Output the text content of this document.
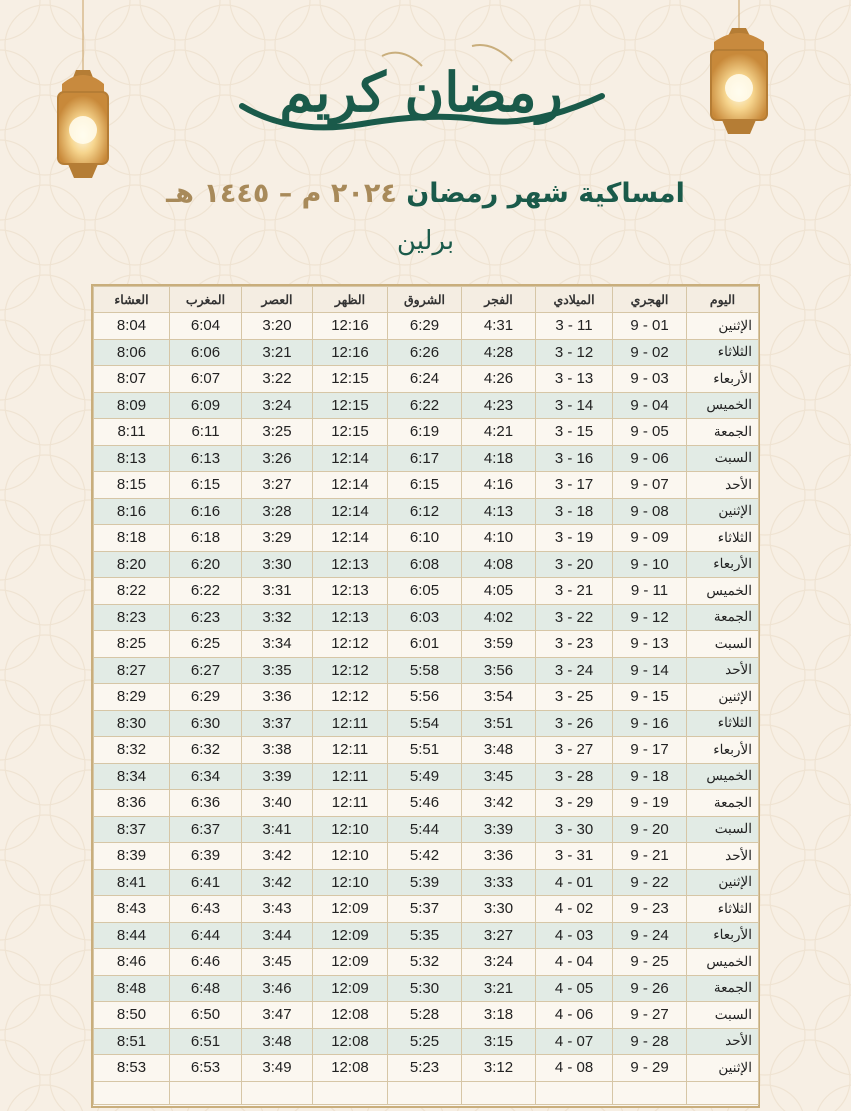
رمضان كريم
امساكية شهر رمضان ٢٠٢٤ م – ١٤٤٥ هـ
برلين
اليوم	الهجري	الميلادي	الفجر	الشروق	الظهر	العصر	المغرب	العشاء
الإثنين	01 - 9	11 - 3	4:31	6:29	12:16	3:20	6:04	8:04
الثلاثاء	02 - 9	12 - 3	4:28	6:26	12:16	3:21	6:06	8:06
الأربعاء	03 - 9	13 - 3	4:26	6:24	12:15	3:22	6:07	8:07
الخميس	04 - 9	14 - 3	4:23	6:22	12:15	3:24	6:09	8:09
الجمعة	05 - 9	15 - 3	4:21	6:19	12:15	3:25	6:11	8:11
السبت	06 - 9	16 - 3	4:18	6:17	12:14	3:26	6:13	8:13
الأحد	07 - 9	17 - 3	4:16	6:15	12:14	3:27	6:15	8:15
الإثنين	08 - 9	18 - 3	4:13	6:12	12:14	3:28	6:16	8:16
الثلاثاء	09 - 9	19 - 3	4:10	6:10	12:14	3:29	6:18	8:18
الأربعاء	10 - 9	20 - 3	4:08	6:08	12:13	3:30	6:20	8:20
الخميس	11 - 9	21 - 3	4:05	6:05	12:13	3:31	6:22	8:22
الجمعة	12 - 9	22 - 3	4:02	6:03	12:13	3:32	6:23	8:23
السبت	13 - 9	23 - 3	3:59	6:01	12:12	3:34	6:25	8:25
الأحد	14 - 9	24 - 3	3:56	5:58	12:12	3:35	6:27	8:27
الإثنين	15 - 9	25 - 3	3:54	5:56	12:12	3:36	6:29	8:29
الثلاثاء	16 - 9	26 - 3	3:51	5:54	12:11	3:37	6:30	8:30
الأربعاء	17 - 9	27 - 3	3:48	5:51	12:11	3:38	6:32	8:32
الخميس	18 - 9	28 - 3	3:45	5:49	12:11	3:39	6:34	8:34
الجمعة	19 - 9	29 - 3	3:42	5:46	12:11	3:40	6:36	8:36
السبت	20 - 9	30 - 3	3:39	5:44	12:10	3:41	6:37	8:37
الأحد	21 - 9	31 - 3	3:36	5:42	12:10	3:42	6:39	8:39
الإثنين	22 - 9	01 - 4	3:33	5:39	12:10	3:42	6:41	8:41
الثلاثاء	23 - 9	02 - 4	3:30	5:37	12:09	3:43	6:43	8:43
الأربعاء	24 - 9	03 - 4	3:27	5:35	12:09	3:44	6:44	8:44
الخميس	25 - 9	04 - 4	3:24	5:32	12:09	3:45	6:46	8:46
الجمعة	26 - 9	05 - 4	3:21	5:30	12:09	3:46	6:48	8:48
السبت	27 - 9	06 - 4	3:18	5:28	12:08	3:47	6:50	8:50
الأحد	28 - 9	07 - 4	3:15	5:25	12:08	3:48	6:51	8:51
الإثنين	29 - 9	08 - 4	3:12	5:23	12:08	3:49	6:53	8:53
